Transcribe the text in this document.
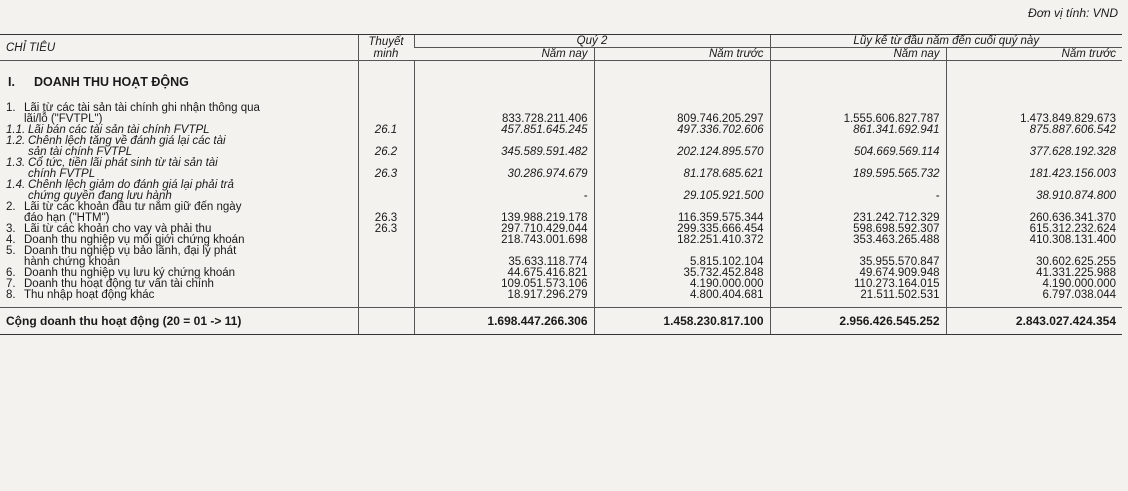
Đơn vị tính: VND
CHỈ TIÊU	Thuyết
minh	Quý 2		Lũy kế từ đầu năm đến cuối quý này	
		Năm nay	Năm trước	Năm nay	Năm trước
I. DOANH THU HOẠT ĐỘNG					

1. Lãi từ các tài sản tài chính ghi nhận thông qua
lãi/lỗ ("FVTPL")		833.728.211.406	809.746.205.297	1.555.606.827.787	1.473.849.829.673

1.1. Lãi bán các tài sản tài chính FVTPL	26.1	457.851.645.245	497.336.702.606	861.341.692.941	875.887.606.542

1.2. Chênh lệch tăng về đánh giá lại các tài
sản tài chính FVTPL	26.2	345.589.591.482	202.124.895.570	504.669.569.114	377.628.192.328

1.3. Cổ tức, tiền lãi phát sinh từ tài sản tài
chính FVTPL	26.3	30.286.974.679	81.178.685.621	189.595.565.732	181.423.156.003

1.4. Chênh lệch giảm do đánh giá lại phải trả
chứng quyền đang lưu hành		-	29.105.921.500	-	38.910.874.800

2. Lãi từ các khoản đầu tư nắm giữ đến ngày
đáo hạn ("HTM")	26.3	139.988.219.178	116.359.575.344	231.242.712.329	260.636.341.370

3. Lãi từ các khoản cho vay và phải thu	26.3	297.710.429.044	299.335.666.454	598.698.592.307	615.312.232.624

4. Doanh thu nghiệp vụ môi giới chứng khoán		218.743.001.698	182.251.410.372	353.463.265.488	410.308.131.400

5. Doanh thu nghiệp vụ bảo lãnh, đại lý phát
hành chứng khoán		35.633.118.774	5.815.102.104	35.955.570.847	30.602.625.255

6. Doanh thu nghiệp vụ lưu ký chứng khoán		44.675.416.821	35.732.452.848	49.674.909.948	41.331.225.988

7. Doanh thu hoạt động tư vấn tài chính		109.051.573.106	4.190.000.000	110.273.164.015	4.190.000.000

8. Thu nhập hoạt động khác		18.917.296.279	4.800.404.681	21.511.502.531	6.797.038.044

Cộng doanh thu hoạt động (20 = 01 -> 11)		1.698.447.266.306	1.458.230.817.100	2.956.426.545.252	2.843.027.424.354
